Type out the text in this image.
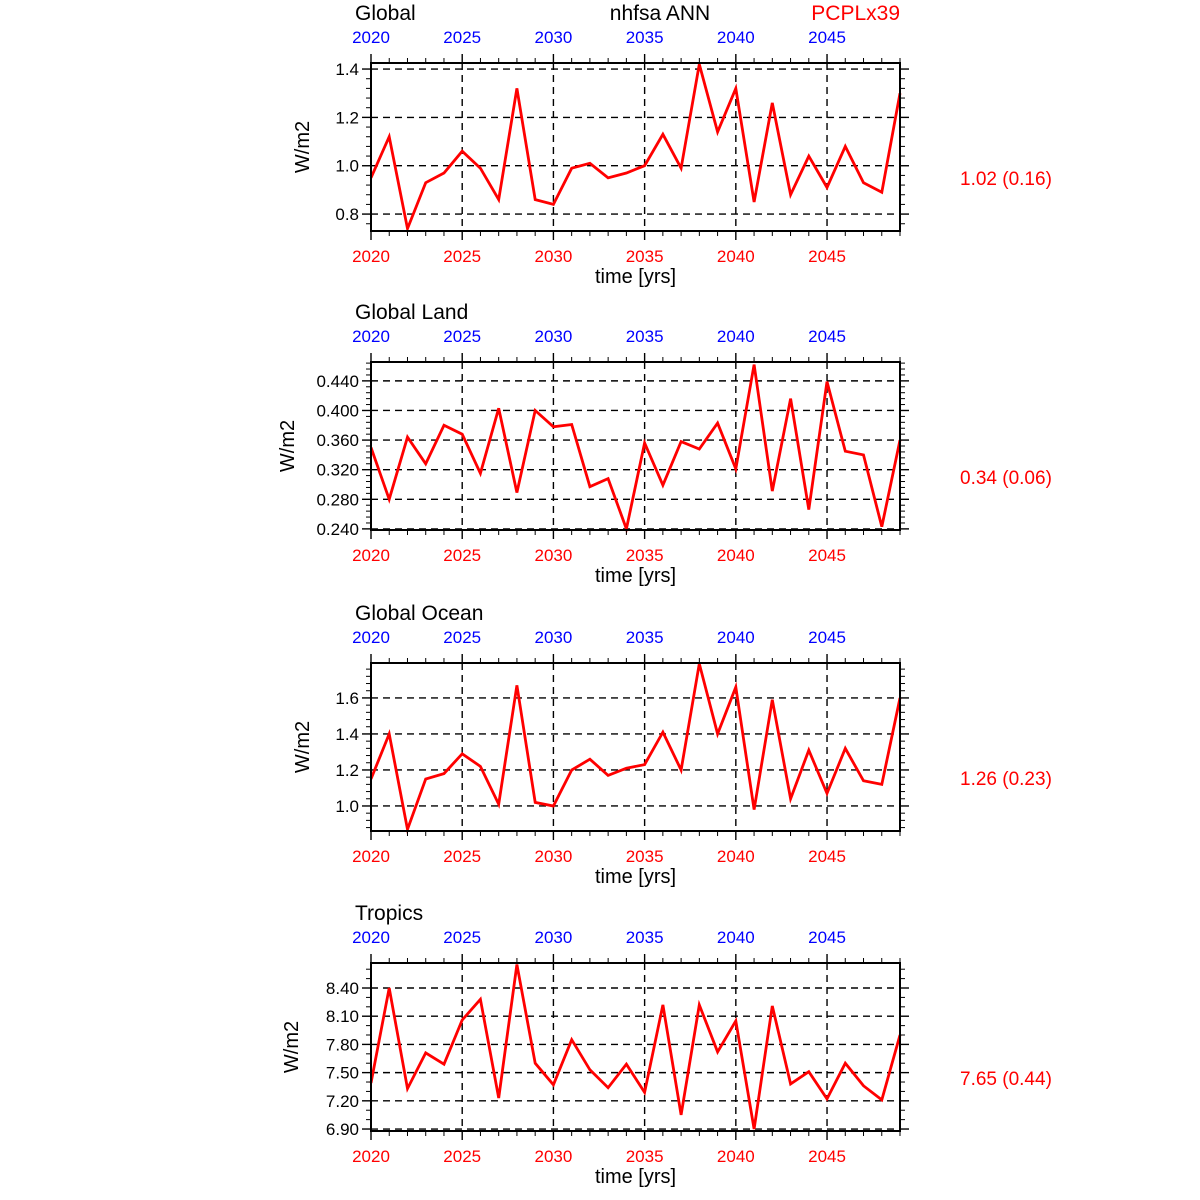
2020
2020
2025
2025
2030
2030
2035
2035
2040
2040
2045
2045
0.8
1.0
1.2
1.4
2020
2020
2025
2025
2030
2030
2035
2035
2040
2040
2045
2045
0.240
0.280
0.320
0.360
0.400
0.440
2020
2020
2025
2025
2030
2030
2035
2035
2040
2040
2045
2045
1.0
1.2
1.4
1.6
2020
2020
2025
2025
2030
2030
2035
2035
2040
2040
2045
2045
6.90
7.20
7.50
7.80
8.10
8.40
Global	nhfsa ANN	PCPLx39
Global Land
Global Ocean
Tropics
1.02 (0.16)
0.34 (0.06)
1.26 (0.23)
7.65 (0.44)
time [yrs]
time [yrs]
time [yrs]
time [yrs]
W/m2
W/m2
W/m2
W/m2
